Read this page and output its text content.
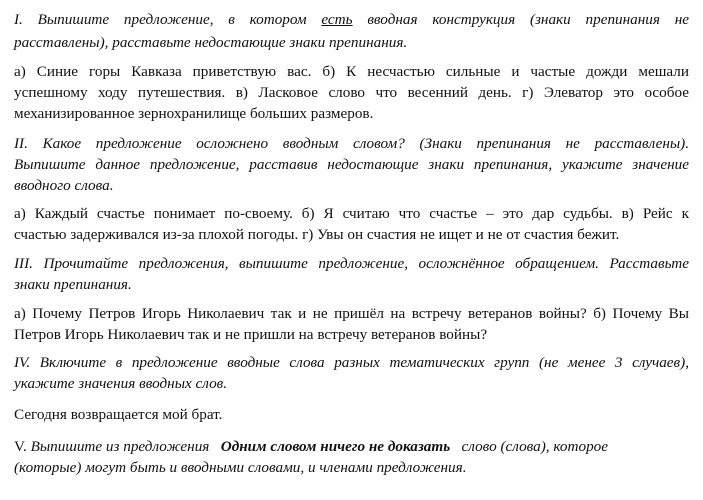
I. Выпишите предложение, в котором есть вводная конструкция (знаки препинания не
расставлены), расставьте недостающие знаки препинания.
а) Синие горы Кавказа приветствую вас. б) К несчастью сильные и частые дожди мешали
успешному ходу путешествия. в) Ласковое слово что весенний день. г) Элеватор это особое
механизированное зернохранилище больших размеров.
II. Какое предложение осложнено вводным словом? (Знаки препинания не расставлены).
Выпишите данное предложение, расставив недостающие знаки препинания, укажите значение
вводного слова.
а) Каждый счастье понимает по-своему. б) Я считаю что счастье – это дар судьбы. в) Рейс к
счастью задерживался из-за плохой погоды. г) Увы он счастия не ищет и не от счастия бежит.
III. Прочитайте предложения, выпишите предложение, осложнённое обращением. Расставьте
знаки препинания.
а) Почему Петров Игорь Николаевич так и не пришёл на встречу ветеранов войны? б) Почему Вы
Петров Игорь Николаевич так и не пришли на встречу ветеранов войны?
IV. Включите в предложение вводные слова разных тематических групп (не менее 3 случаев),
укажите значения вводных слов.
Сегодня возвращается мой брат.
V. Выпишите из предложения   Одним словом ничего не доказать   слово (слова), которое
(которые) могут быть и вводными словами, и членами предложения.
